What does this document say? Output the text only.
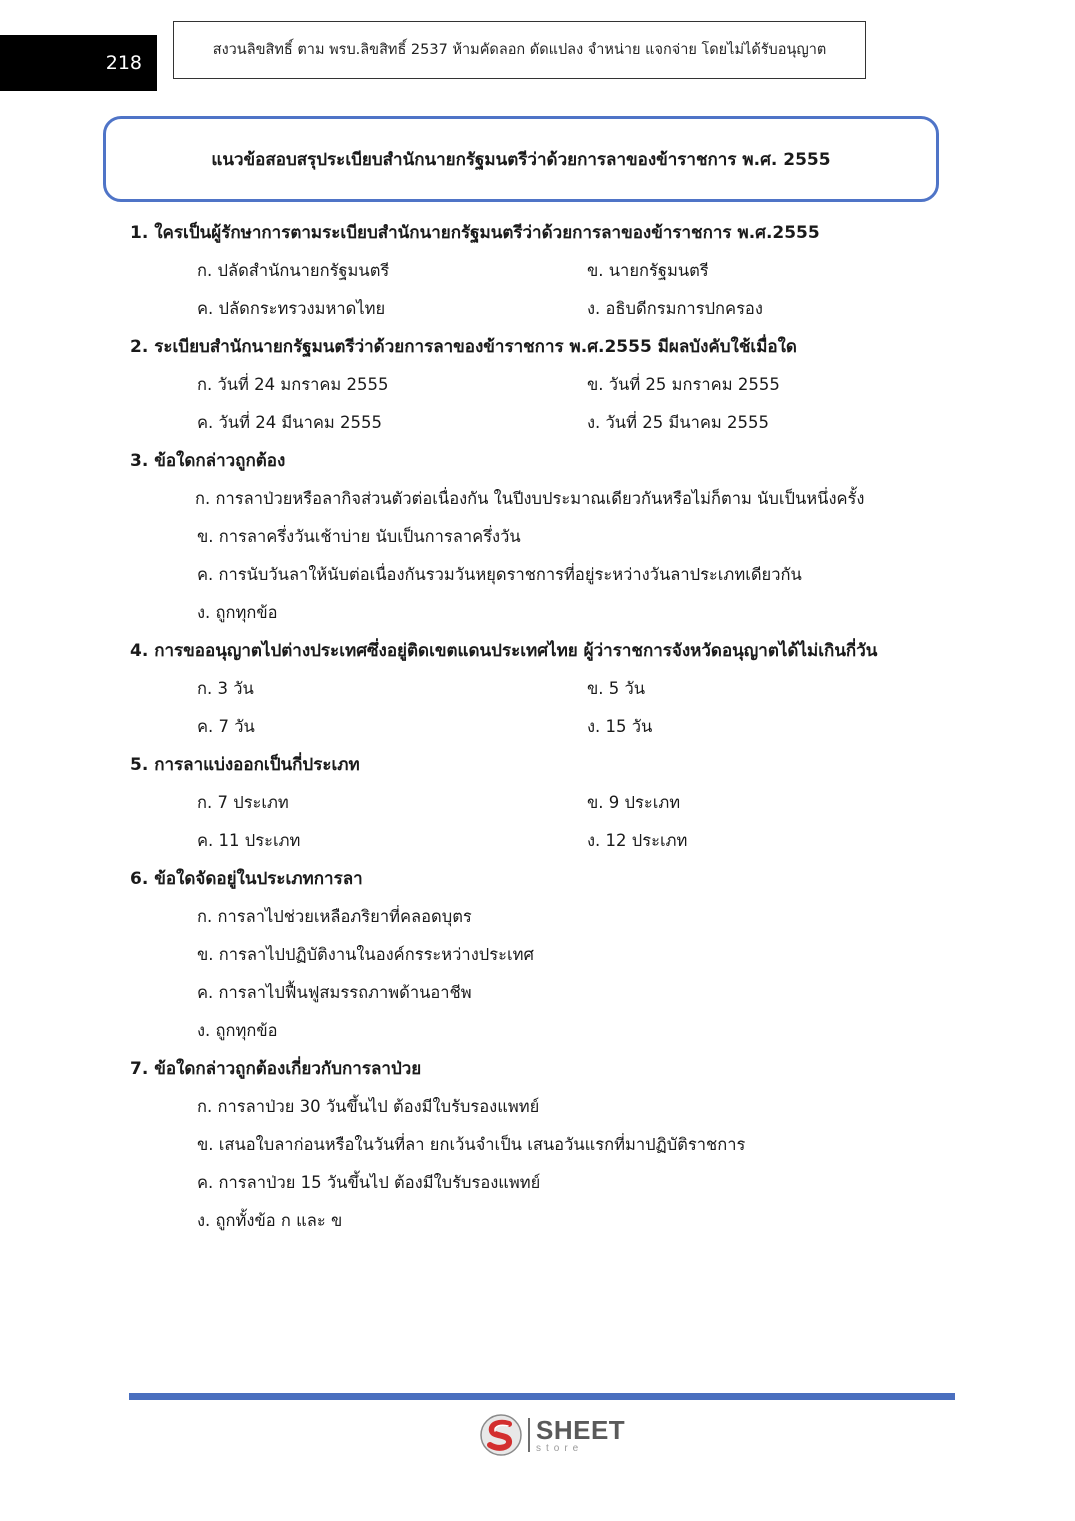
218
สงวนลิขสิทธิ์ ตาม พรบ.ลิขสิทธิ์ 2537 ห้ามคัดลอก ดัดแปลง จำหน่าย แจกจ่าย โดยไม่ได้รับอนุญาต
แนวข้อสอบสรุประเบียบสำนักนายกรัฐมนตรีว่าด้วยการลาของข้าราชการ พ.ศ. 2555
1. ใครเป็นผู้รักษาการตามระเบียบสำนักนายกรัฐมนตรีว่าด้วยการลาของข้าราชการ พ.ศ.2555
ก. ปลัดสำนักนายกรัฐมนตรี	ข. นายกรัฐมนตรี
ค. ปลัดกระทรวงมหาดไทย	ง. อธิบดีกรมการปกครอง
2. ระเบียบสำนักนายกรัฐมนตรีว่าด้วยการลาของข้าราชการ พ.ศ.2555 มีผลบังคับใช้เมื่อใด
ก. วันที่ 24 มกราคม 2555	ข. วันที่ 25 มกราคม 2555
ค. วันที่ 24 มีนาคม 2555	ง. วันที่ 25 มีนาคม 2555
3. ข้อใดกล่าวถูกต้อง
ก. การลาป่วยหรือลากิจส่วนตัวต่อเนื่องกัน ในปีงบประมาณเดียวกันหรือไม่ก็ตาม นับเป็นหนึ่งครั้ง
ข. การลาครึ่งวันเช้าบ่าย นับเป็นการลาครึ่งวัน
ค. การนับวันลาให้นับต่อเนื่องกันรวมวันหยุดราชการที่อยู่ระหว่างวันลาประเภทเดียวกัน
ง. ถูกทุกข้อ
4. การขออนุญาตไปต่างประเทศซึ่งอยู่ติดเขตแดนประเทศไทย ผู้ว่าราชการจังหวัดอนุญาตได้ไม่เกินกี่วัน
ก. 3 วัน	ข. 5 วัน
ค. 7 วัน	ง. 15 วัน
5. การลาแบ่งออกเป็นกี่ประเภท
ก. 7 ประเภท	ข. 9 ประเภท
ค. 11 ประเภท	ง. 12 ประเภท
6. ข้อใดจัดอยู่ในประเภทการลา
ก. การลาไปช่วยเหลือภริยาที่คลอดบุตร
ข. การลาไปปฏิบัติงานในองค์กรระหว่างประเทศ
ค. การลาไปฟื้นฟูสมรรถภาพด้านอาชีพ
ง. ถูกทุกข้อ
7. ข้อใดกล่าวถูกต้องเกี่ยวกับการลาป่วย
ก. การลาป่วย 30 วันขึ้นไป ต้องมีใบรับรองแพทย์
ข. เสนอใบลาก่อนหรือในวันที่ลา ยกเว้นจำเป็น เสนอวันแรกที่มาปฏิบัติราชการ
ค. การลาป่วย 15 วันขึ้นไป ต้องมีใบรับรองแพทย์
ง. ถูกทั้งข้อ ก และ ข
SHEET
store
